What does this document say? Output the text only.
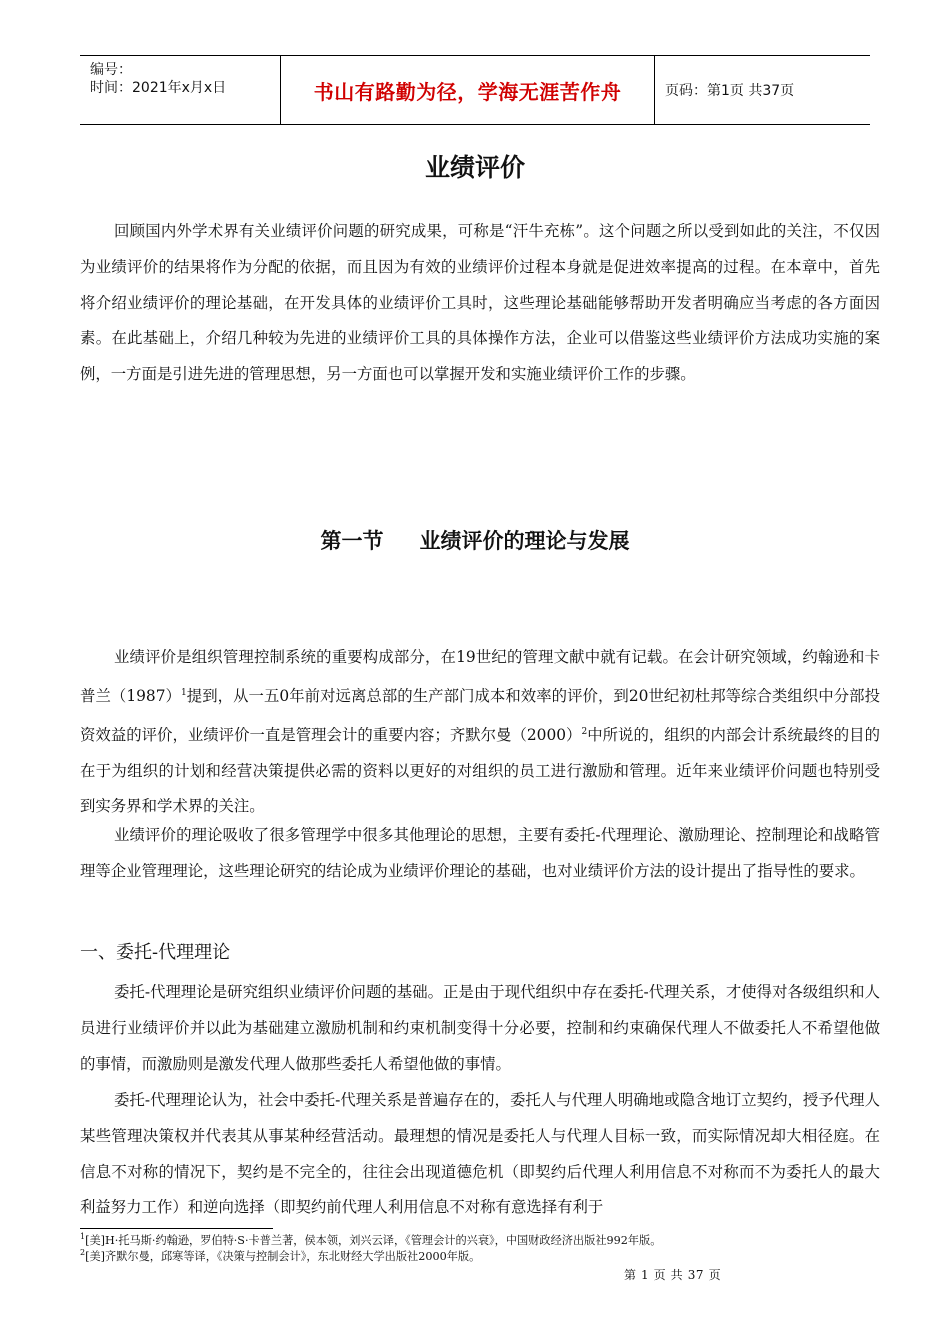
编号：
时间：2021年x月x日	书山有路勤为径，学海无涯苦作舟	页码：第1页 共37页
业绩评价

回顾国内外学术界有关业绩评价问题的研究成果，可称是“汗牛充栋”。这个问题之所以受到如此的关注，不仅因为业绩评价的结果将作为分配的依据，而且因为有效的业绩评价过程本身就是促进效率提高的过程。在本章中，首先将介绍业绩评价的理论基础，在开发具体的业绩评价工具时，这些理论基础能够帮助开发者明确应当考虑的各方面因素。在此基础上，介绍几种较为先进的业绩评价工具的具体操作方法，企业可以借鉴这些业绩评价方法成功实施的案例，一方面是引进先进的管理思想，另一方面也可以掌握开发和实施业绩评价工作的步骤。

第一节 业绩评价的理论与发展

业绩评价是组织管理控制系统的重要构成部分，在19世纪的管理文献中就有记载。在会计研究领域，约翰逊和卡普兰$(1987)^1$提到，从一五0年前对远离总部的生产部门成本和效率的评价，到20世纪初杜邦等综合类组织中分部投资效益的评价，业绩评价一直是管理会计的重要内容；齐默尔曼$(2000)^2$中所说的，组织的内部会计系统最终的目的在于为组织的计划和经营决策提供必需的资料以更好的对组织的员工进行激励和管理。近年来业绩评价问题也特别受到实务界和学术界的关注。

业绩评价的理论吸收了很多管理学中很多其他理论的思想，主要有委托-代理理论、激励理论、控制理论和战略管理等企业管理理论，这些理论研究的结论成为业绩评价理论的基础，也对业绩评价方法的设计提出了指导性的要求。

一、委托-代理理论

委托-代理理论是研究组织业绩评价问题的基础。正是由于现代组织中存在委托-代理关系，才使得对各级组织和人员进行业绩评价并以此为基础建立激励机制和约束机制变得十分必要，控制和约束确保代理人不做委托人不希望他做的事情，而激励则是激发代理人做那些委托人希望他做的事情。

委托-代理理论认为，社会中委托-代理关系是普遍存在的，委托人与代理人明确地或隐含地订立契约，授予代理人某些管理决策权并代表其从事某种经营活动。最理想的情况是委托人与代理人目标一致，而实际情况却大相径庭。在信息不对称的情况下，契约是不完全的，往往会出现道德危机（即契约后代理人利用信息不对称而不为委托人的最大利益努力工作）和逆向选择（即契约前代理人利用信息不对称有意选择有利于

$^1$[美]H·托马斯·约翰逊，罗伯特·S·卡普兰著，侯本领，刘兴云译，《管理会计的兴衰》，中国财政经济出版社992年版。
$^2$[美]齐默尔曼，邱寒等译，《决策与控制会计》，东北财经大学出版社2000年版。
第 1 页 共 37 页
